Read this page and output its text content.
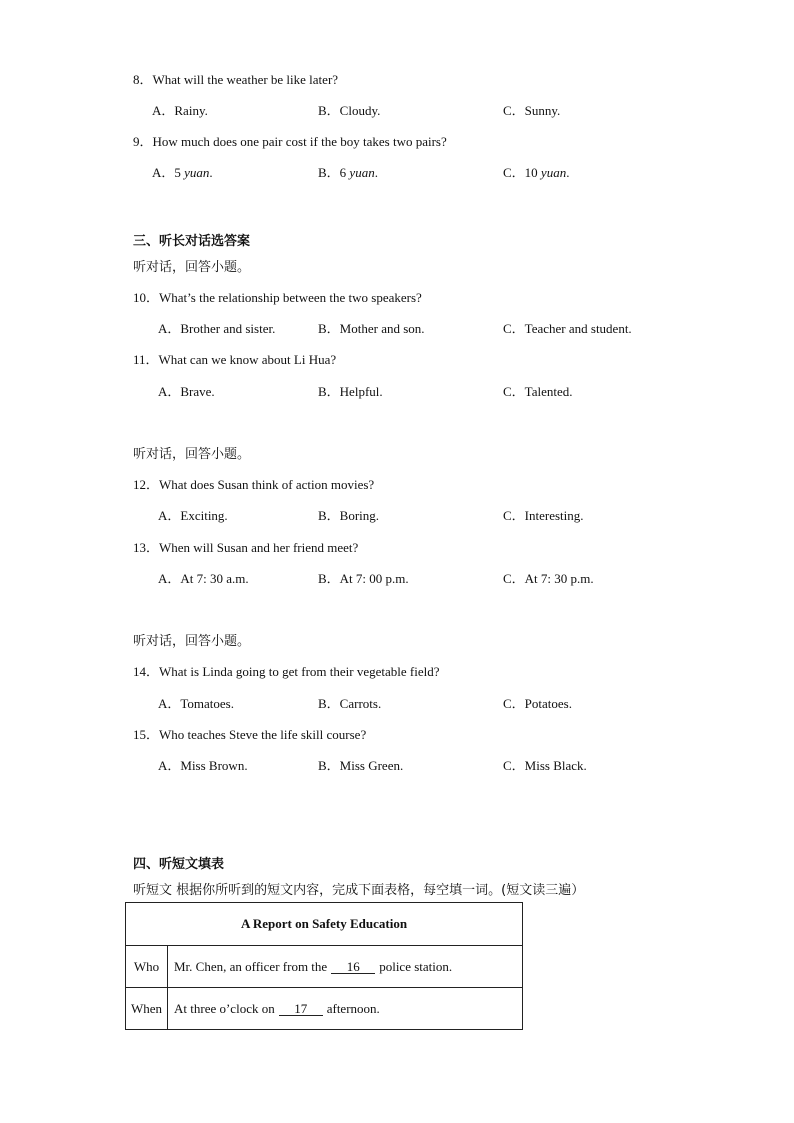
8．What will the weather be like later?
A．Rainy.	B．Cloudy.	C．Sunny.
9．How much does one pair cost if the boy takes two pairs?
A．5 yuan.	B．6 yuan.	C．10 yuan.
三、听长对话选答案
听对话，回答小题。
10．What’s the relationship between the two speakers?
A．Brother and sister.	B．Mother and son.	C．Teacher and student.
11．What can we know about Li Hua?
A．Brave.	B．Helpful.	C．Talented.
听对话，回答小题。
12．What does Susan think of action movies?
A．Exciting.	B．Boring.	C．Interesting.
13．When will Susan and her friend meet?
A．At 7: 30 a.m.	B．At 7: 00 p.m.	C．At 7: 30 p.m.
听对话，回答小题。
14．What is Linda going to get from their vegetable field?
A．Tomatoes.	B．Carrots.	C．Potatoes.
15．Who teaches Steve the life skill course?
A．Miss Brown.	B．Miss Green.	C．Miss Black.
四、听短文填表
听短文 根据你所听到的短文内容，完成下面表格，每空填一词。(短文读三遍）
A Report on Safety Education	
Who	Mr. Chen, an officer from the 16 police station.
When	At three o’clock on 17 afternoon.
